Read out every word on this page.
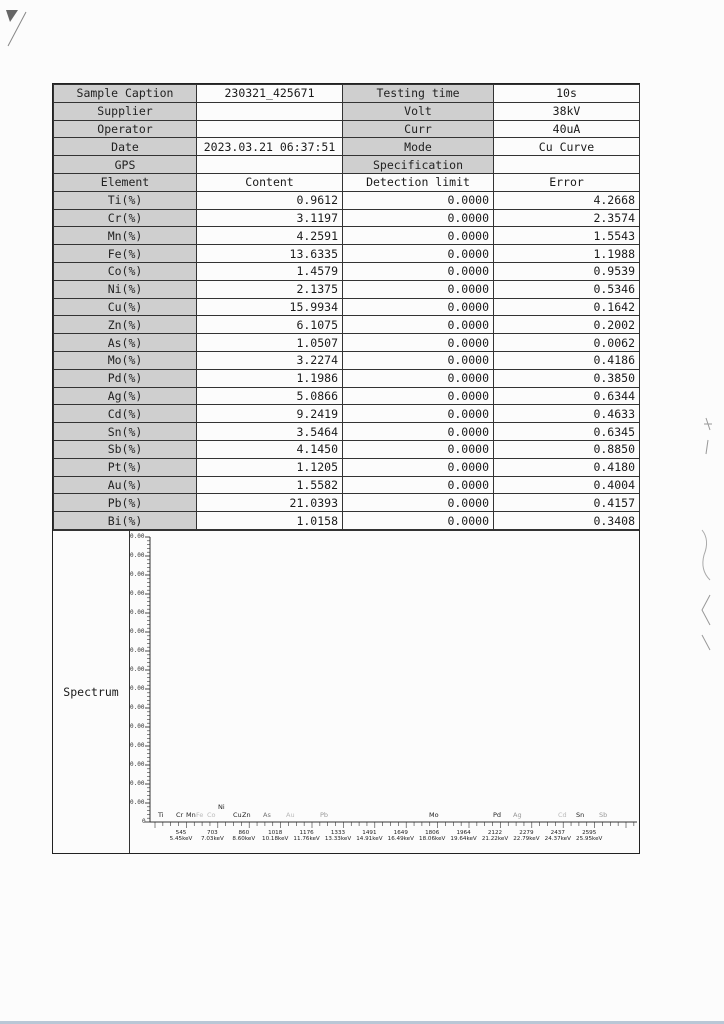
Sample Caption	230321_425671	Testing time	10s
Supplier		Volt	38kV
Operator		Curr	40uA
Date	2023.03.21 06:37:51	Mode	Cu Curve
GPS		Specification	
Element	Content	Detection limit	Error
Ti(%)	0.9612	0.0000	4.2668
Cr(%)	3.1197	0.0000	2.3574
Mn(%)	4.2591	0.0000	1.5543
Fe(%)	13.6335	0.0000	1.1988
Co(%)	1.4579	0.0000	0.9539
Ni(%)	2.1375	0.0000	0.5346
Cu(%)	15.9934	0.0000	0.1642
Zn(%)	6.1075	0.0000	0.2002
As(%)	1.0507	0.0000	0.0062
Mo(%)	3.2274	0.0000	0.4186
Pd(%)	1.1986	0.0000	0.3850
Ag(%)	5.0866	0.0000	0.6344
Cd(%)	9.2419	0.0000	0.4633
Sn(%)	3.5464	0.0000	0.6345
Sb(%)	4.1450	0.0000	0.8850
Pt(%)	1.1205	0.0000	0.4180
Au(%)	1.5582	0.0000	0.4004
Pb(%)	21.0393	0.0000	0.4157
Bi(%)	1.0158	0.0000	0.3408
Spectrum
0.00
0.00
0.00
0.00
0.00
0.00
0.00
0.00
0.00
0.00
0.00
0.00
0.00
0.00
0.00
0
545
5.45keV
703
7.03keV
860
8.60keV
1018
10.18keV
1176
11.76keV
1333
13.33keV
1491
14.91keV
1649
16.49keV
1806
18.06keV
1964
19.64keV
2122
21.22keV
2279
22.79keV
2437
24.37keV
2595
25.95keV
Ti Cr Mn Fe Co
Ni
Cu Zn As Au	Pb	Mo	Pd Ag	Cd Sn Sb
